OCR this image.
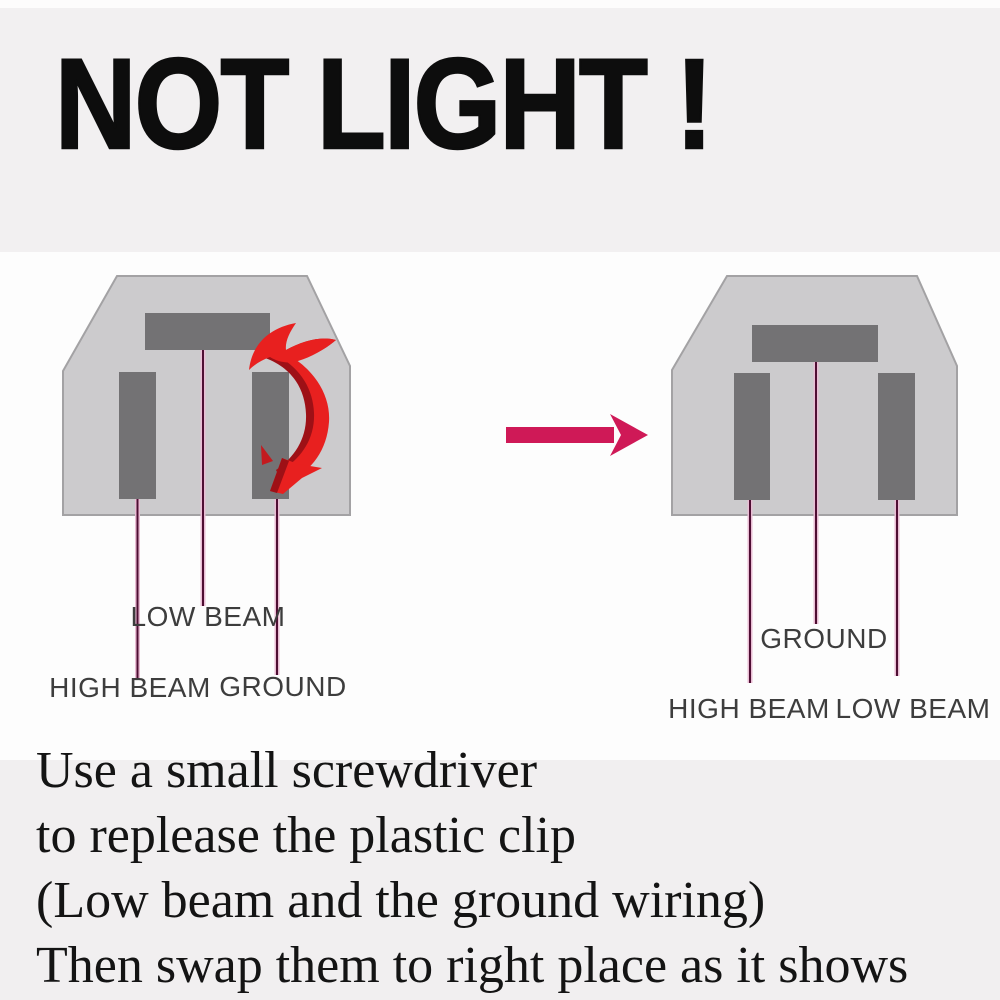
NOT LIGHT !
LOW BEAM
HIGH BEAM GROUND
GROUND
HIGH BEAM LOW BEAM
Use a small screwdriver
to replease the plastic clip
(Low beam and the ground wiring)
Then swap them to right place as it shows
